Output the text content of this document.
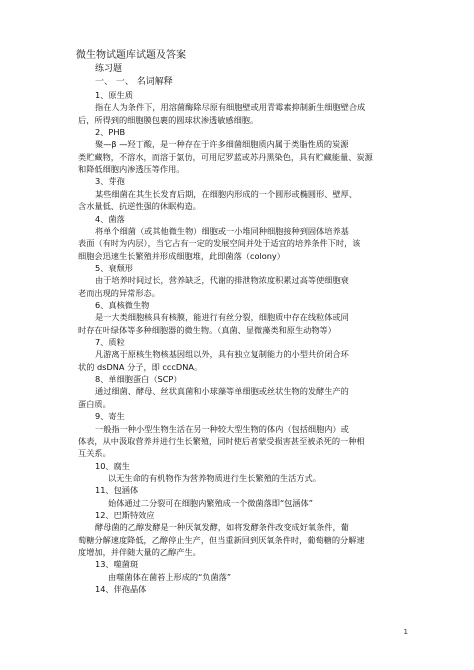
微生物试题库试题及答案
练习题
一、 一、 名词解释
1、原生质
指在人为条件下，用溶菌酶除尽原有细胞壁或用青霉素抑制新生细胞壁合成
后，所得到的细胞膜包裹的圆球状渗透敏感细胞。
2、PHB
聚—β —羟丁酸，是一种存在于许多细菌细胞质内属于类脂性质的炭源
类贮藏物，不溶水，而溶于氯仿，可用尼罗蓝或苏丹黑染色，具有贮藏能量、炭源
和降低细胞内渗透压等作用。
3、芽孢
某些细菌在其生长发育后期，在细胞内形成的一个圆形或椭圆形、壁厚、
含水量低、抗逆性强的休眠构造。
4、菌落
将单个细菌（或其他微生物）细胞或一小堆同种细胞接种到固体培养基
表面（有时为内层），当它占有一定的发展空间并处于适宜的培养条件下时，该
细胞会迅速生长繁殖并形成细胞堆，此即菌落（colony）
5、衰颓形
由于培养时间过长，营养缺乏，代谢的排泄物浓度积累过高等使细胞衰
老而出现的异常形态。
6、真核微生物
是一大类细胞核具有核膜，能进行有丝分裂，细胞质中存在线粒体或同
时存在叶绿体等多种细胞器的微生物。（真菌、显微藻类和原生动物等）
7、质粒
凡游离于原核生物核基因组以外，具有独立复制能力的小型共价闭合环
状的 dsDNA 分子，即 cccDNA。
8、单细胞蛋白（SCP）
通过细菌、酵母、丝状真菌和小球藻等单细胞或丝状生物的发酵生产的
蛋白质。
9、寄生
一般指一种小型生物生活在另一种较大型生物的体内（包括细胞内）或
体表，从中汲取营养并进行生长繁殖，同时使后者蒙受损害甚至被杀死的一种相
互关系。
10、腐生
以无生命的有机物作为营养物质进行生长繁殖的生活方式。
11、包涵体
始体通过二分裂可在细胞内繁殖成一个微菌落即“包涵体”
12、巴斯特效应
酵母菌的乙醇发酵是一种厌氧发酵，如将发酵条件改变成好氧条件，葡
萄糖分解速度降低，乙醇停止生产，但当重新回到厌氧条件时，葡萄糖的分解速
度增加，并伴随大量的乙醇产生。
13、噬菌斑
由噬菌体在菌苔上形成的“负菌落”
14、伴孢晶体
1
